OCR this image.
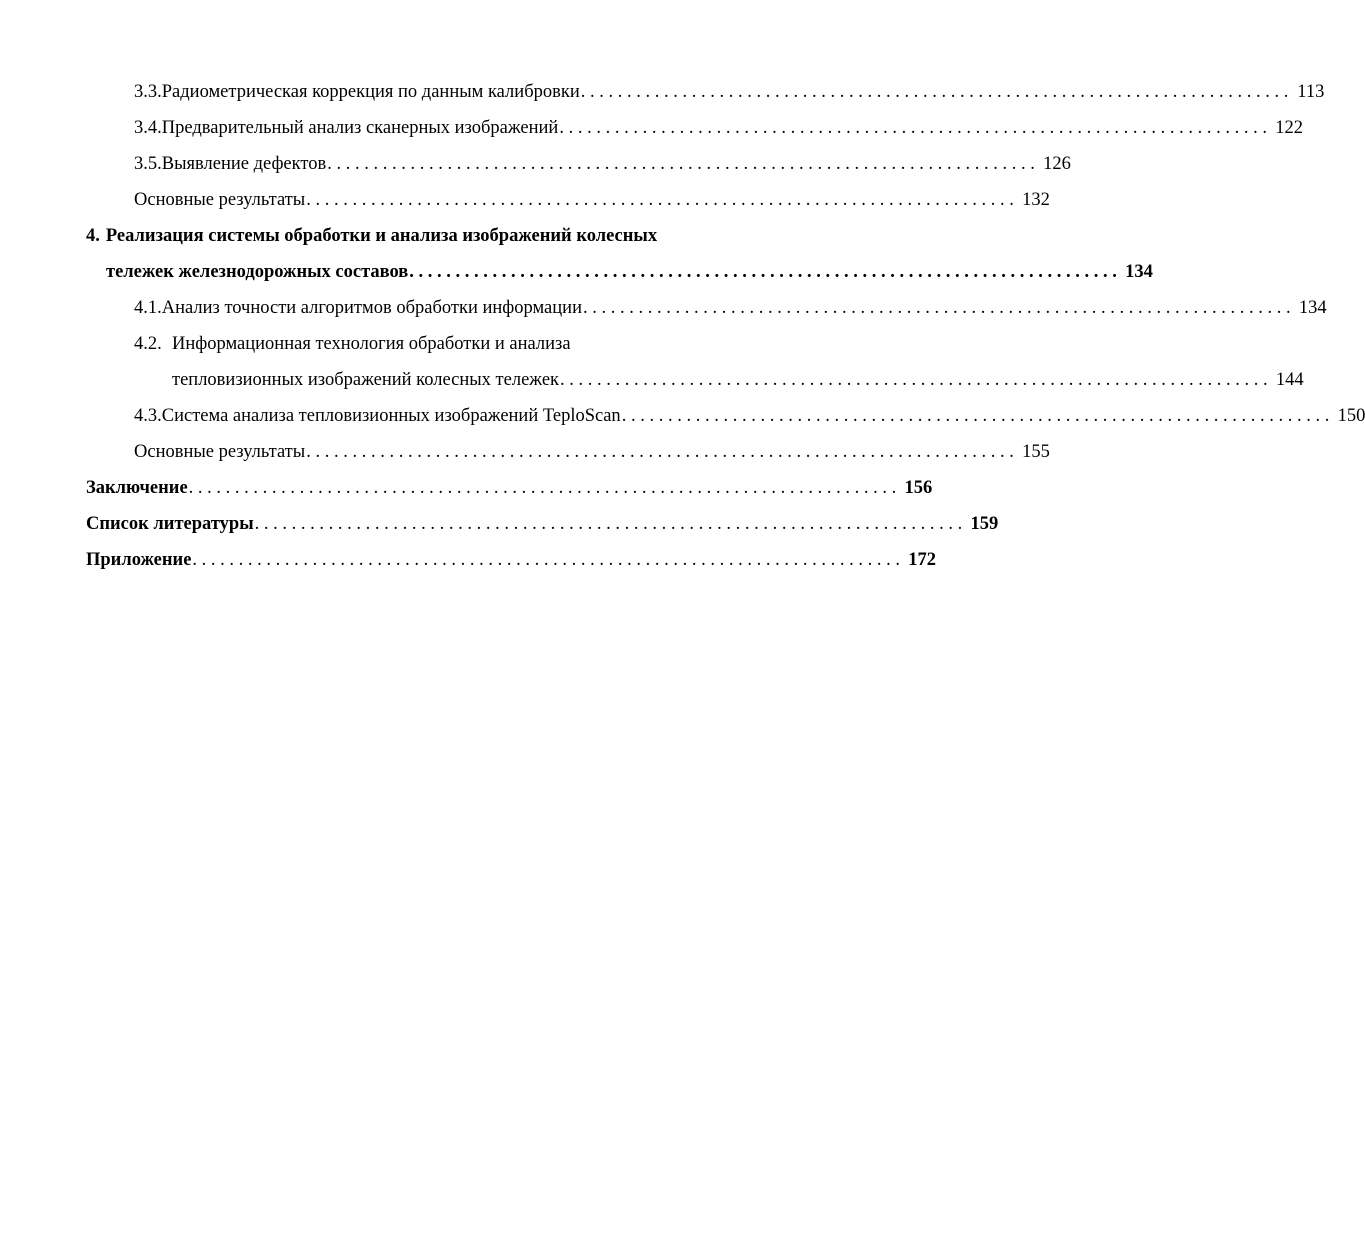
3.3. Радиометрическая коррекция по данным калибровки . . .	113
3.4. Предварительный анализ сканерных изображений . . .	122
3.5. Выявление дефектов . . .	126
Основные результаты . . .	132
4. Реализация системы обработки и анализа изображений колесных
тележек железнодорожных составов . . .	134
4.1. Анализ точности алгоритмов обработки информации . . .	134
4.2. Информационная технология обработки и анализа
тепловизионных изображений колесных тележек . . .	144
4.3. Система анализа тепловизионных изображений TeploScan . . .	150
Основные результаты . . .	155
Заключение . . .	156
Список литературы . . .	159
Приложение . . .	172
